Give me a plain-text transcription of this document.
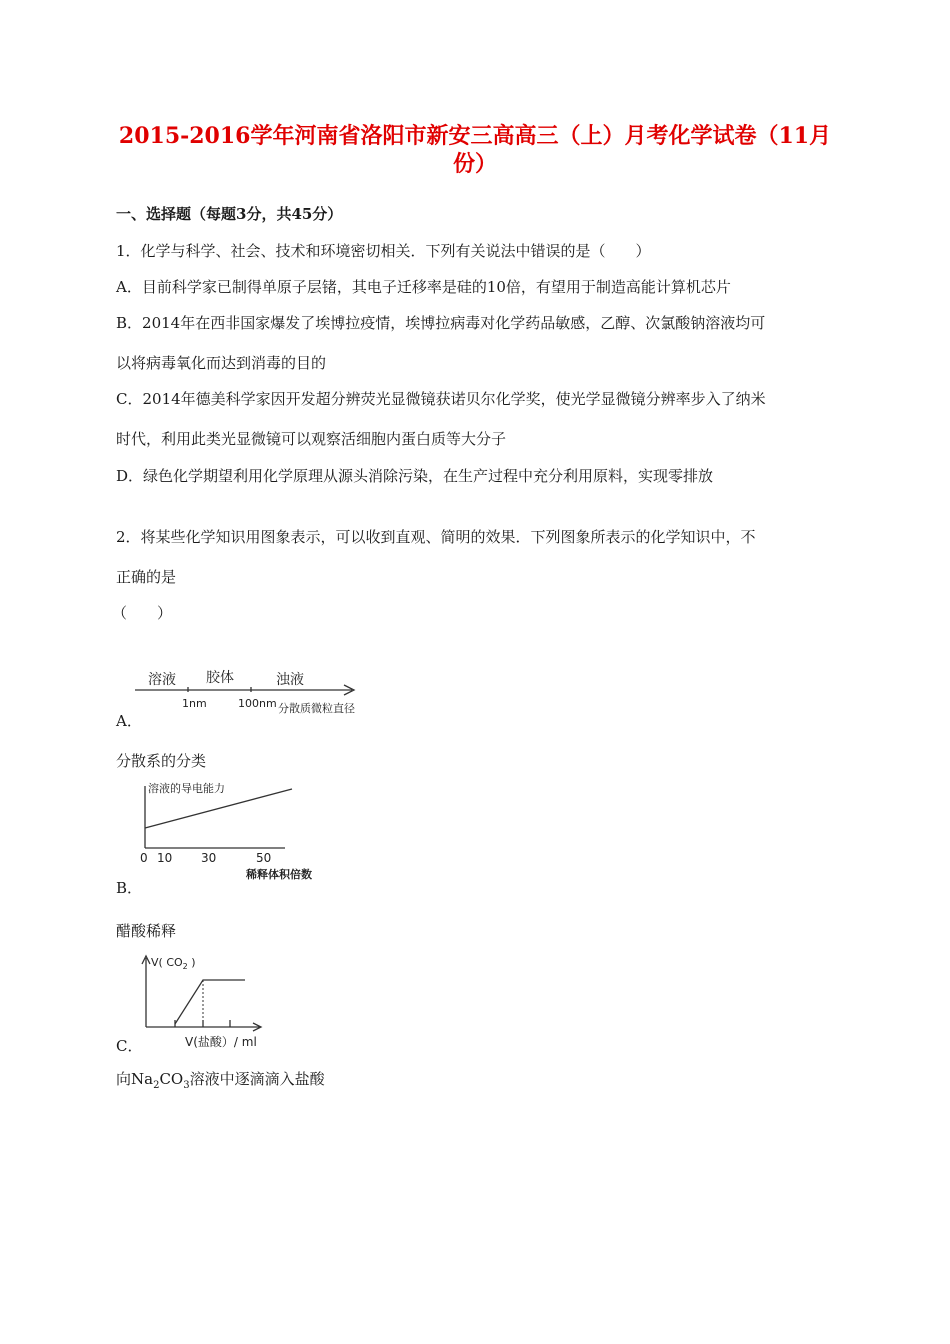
2015-2016学年河南省洛阳市新安三高高三（上）月考化学试卷（11月
份）
一、选择题（每题3分，共45分）
1．化学与科学、社会、技术和环境密切相关．下列有关说法中错误的是（　　）
A．目前科学家已制得单原子层锗，其电子迁移率是硅的10倍，有望用于制造高能计算机芯片
B．2014年在西非国家爆发了埃博拉疫情，埃博拉病毒对化学药品敏感，乙醇、次氯酸钠溶液均可
以将病毒氧化而达到消毒的目的
C．2014年德美科学家因开发超分辨荧光显微镜获诺贝尔化学奖，使光学显微镜分辨率步入了纳米
时代，利用此类光显微镜可以观察活细胞内蛋白质等大分子
D．绿色化学期望利用化学原理从源头消除污染，在生产过程中充分利用原料，实现零排放
2．将某些化学知识用图象表示，可以收到直观、简明的效果．下列图象所表示的化学知识中，不
正确的是
（　　）
溶液 胶体	浊液
1nm	100nm 分散质微粒直径
A．
分散系的分类
溶液的导电能力
0 10 30	50
稀释体积倍数
B．
醋酸稀释
V( $CO_2$ )
V(盐酸）/ ml
C．
向$Na_2CO_3$溶液中逐滴滴入盐酸
